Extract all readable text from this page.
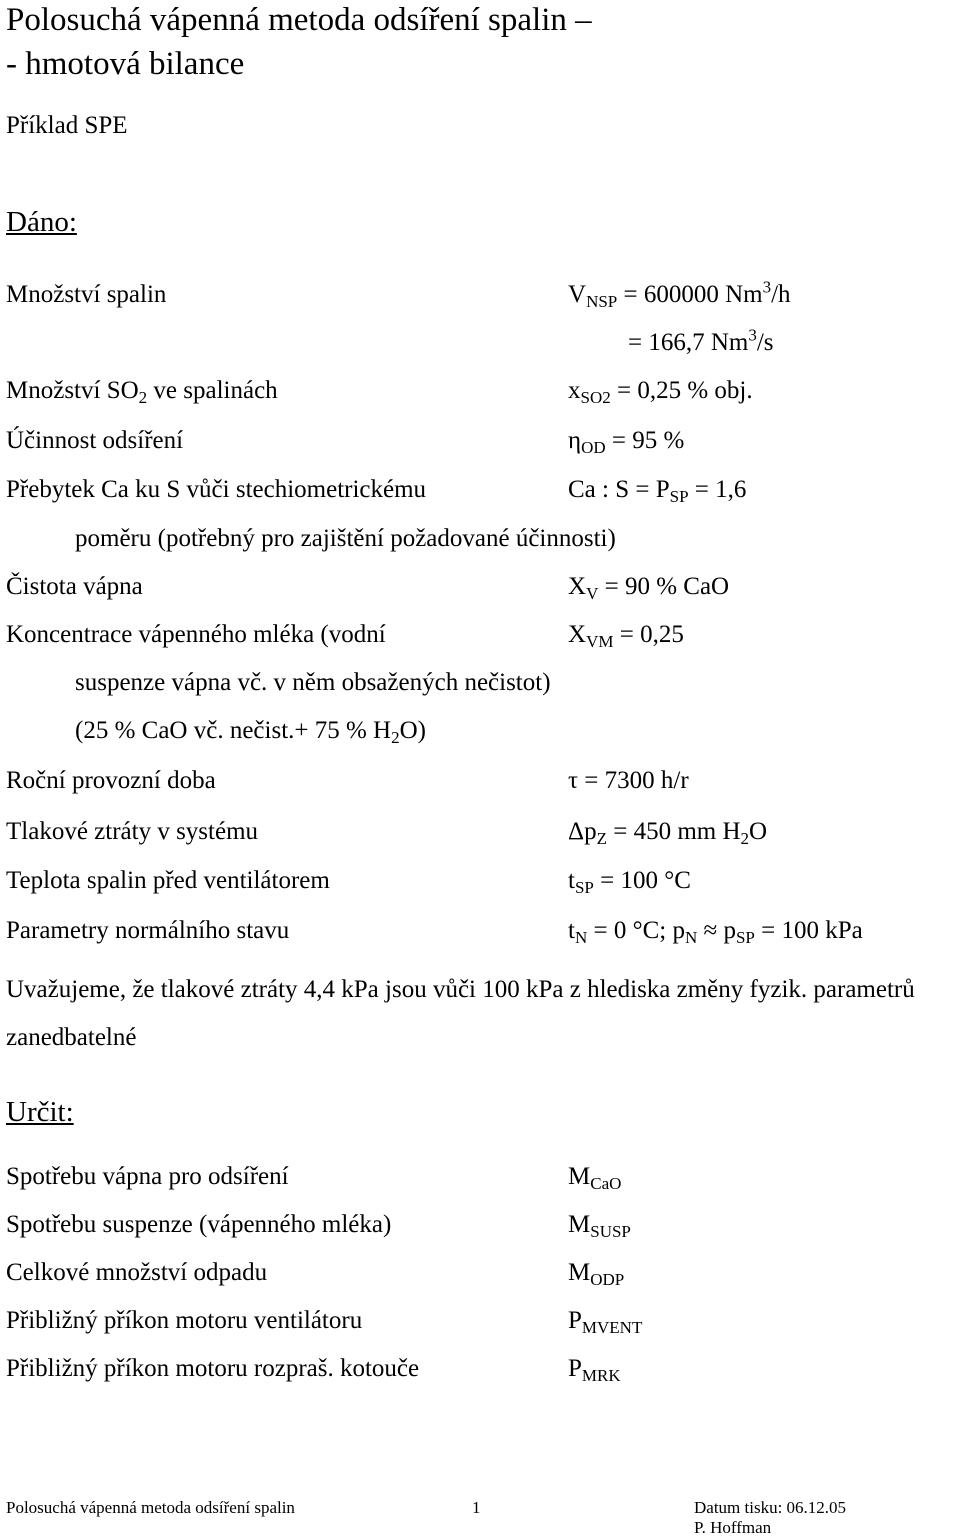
Polosuchá vápenná metoda odsíření spalin –
- hmotová bilance
Příklad SPE
Dáno:
Množství spalin	$V_{NSP} = 600000$ $Nm^3/h$
= 166,7 Nm$^3$/s
Množství $SO_2$ ve spalinách	$x_{SO2} = 0,25$ % obj.
Účinnost odsíření	$\eta_{OD} = 95$ %
Přebytek Ca ku S vůči stechiometrickému	Ca : $S = P_{SP} = 1,6$
poměru (potřebný pro zajištění požadované účinnosti)
Čistota vápna	$X_V = 90$ % CaO
Koncentrace vápenného mléka (vodní	$X_{VM} = 0,25$
suspenze vápna vč. v něm obsažených nečistot)
(25 % CaO vč. nečist.+ 75 % $H_2O$)
Roční provozní doba	τ = 7300 h/r
Tlakové ztráty v systému	$\Delta p_Z = 450$ mm $H_2O$
Teplota spalin před ventilátorem	$t_{SP} = 100$ °C
Parametry normálního stavu	$t_N = 0$ °C; $p_N \approx p_{SP} = 100$ kPa
Uvažujeme, že tlakové ztráty 4,4 kPa jsou vůči 100 kPa z hlediska změny fyzik. parametrů zanedbatelné
Určit:
Spotřebu vápna pro odsíření	$M_{CaO}$
Spotřebu suspenze (vápenného mléka)	$M_{SUSP}$
Celkové množství odpadu	$M_{ODP}$
Přibližný příkon motoru ventilátoru	$P_{MVENT}$
Přibližný příkon motoru rozpraš. kotouče	$P_{MRK}$
Polosuchá vápenná metoda odsíření spalin	1	Datum tisku: 06.12.05
P. Hoffman
